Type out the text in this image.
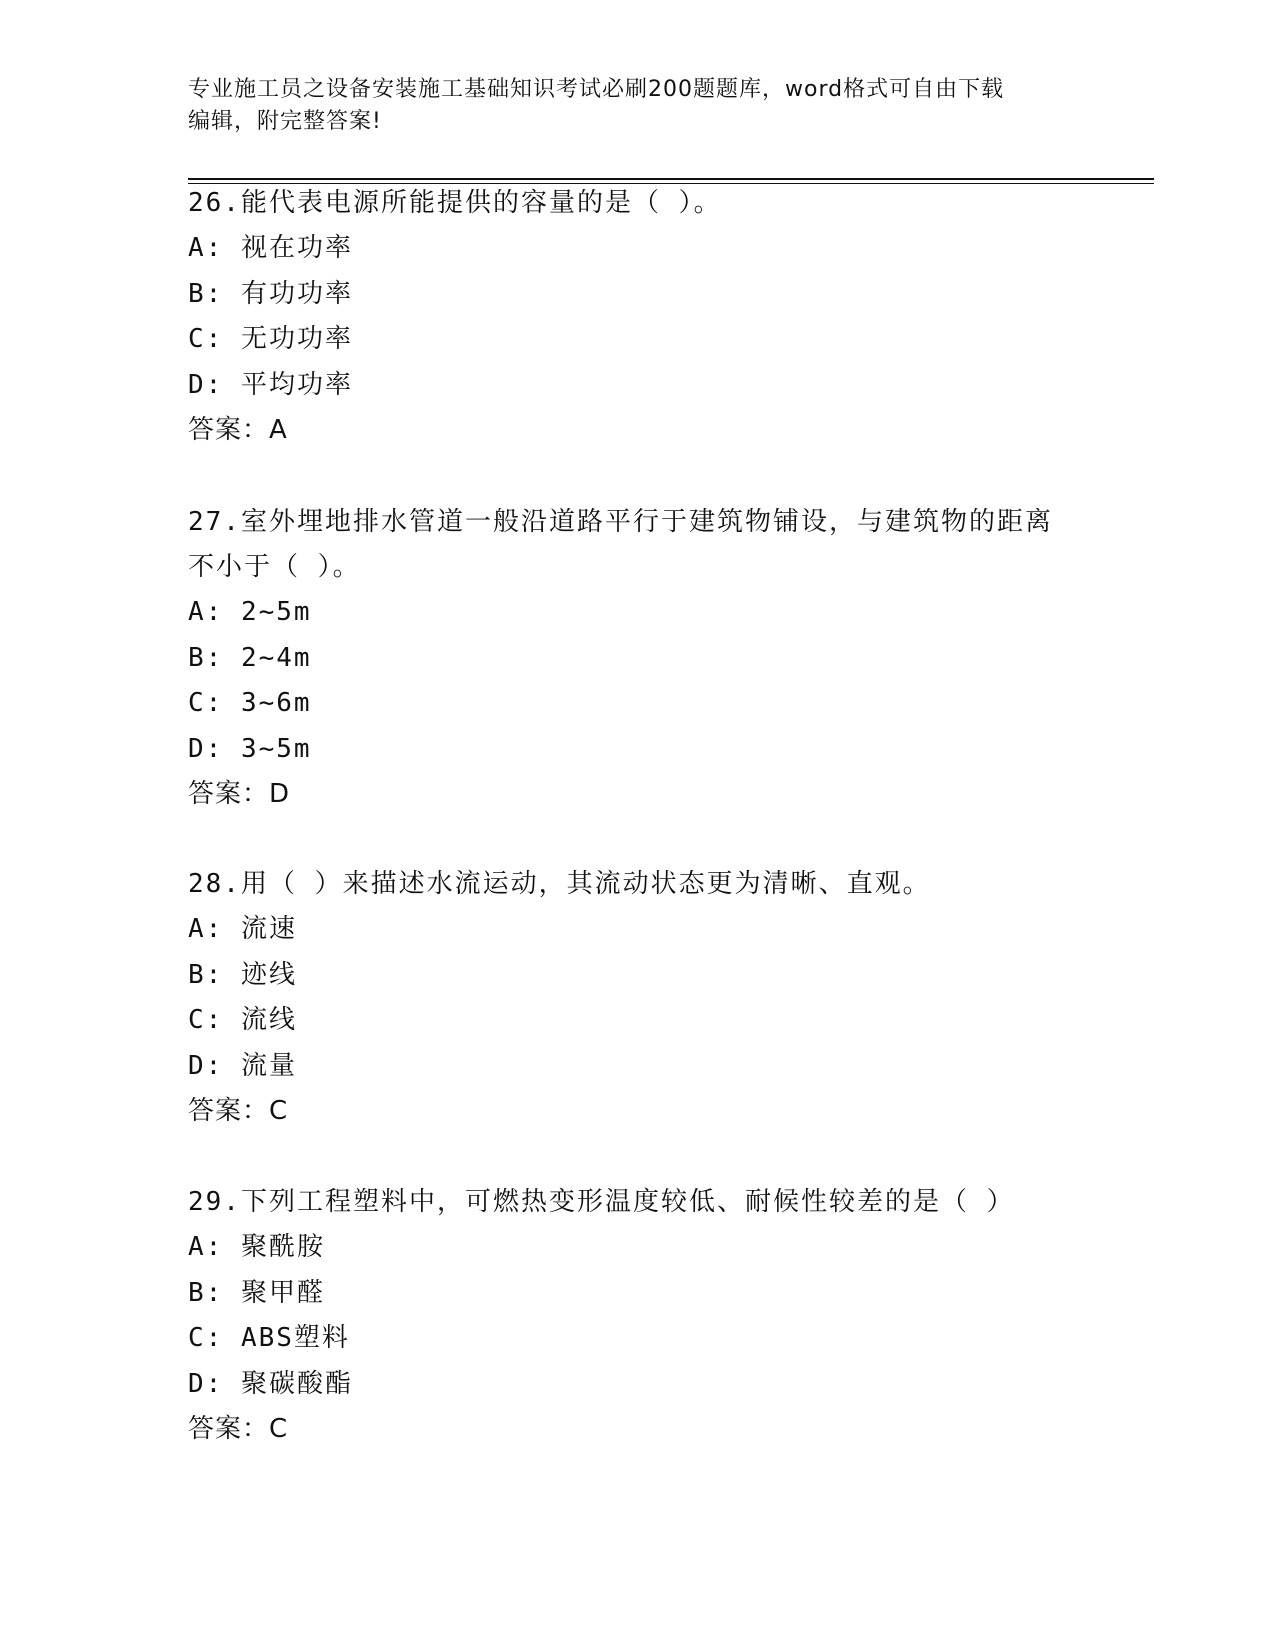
专业施工员之设备安装施工基础知识考试必刷200题题库，word格式可自由下载
编辑，附完整答案!
26.能代表电源所能提供的容量的是（ ）。
A: 视在功率
B: 有功功率
C: 无功功率
D: 平均功率
答案：A
27.室外埋地排水管道一般沿道路平行于建筑物铺设，与建筑物的距离
不小于（ ）。
A: 2~5m
B: 2~4m
C: 3~6m
D: 3~5m
答案：D
28.用（ ）来描述水流运动，其流动状态更为清晰、直观。
A: 流速
B: 迹线
C: 流线
D: 流量
答案：C
29.下列工程塑料中，可燃热变形温度较低、耐候性较差的是（ ）
A: 聚酰胺
B: 聚甲醛
C: ABS塑料
D: 聚碳酸酯
答案：C
